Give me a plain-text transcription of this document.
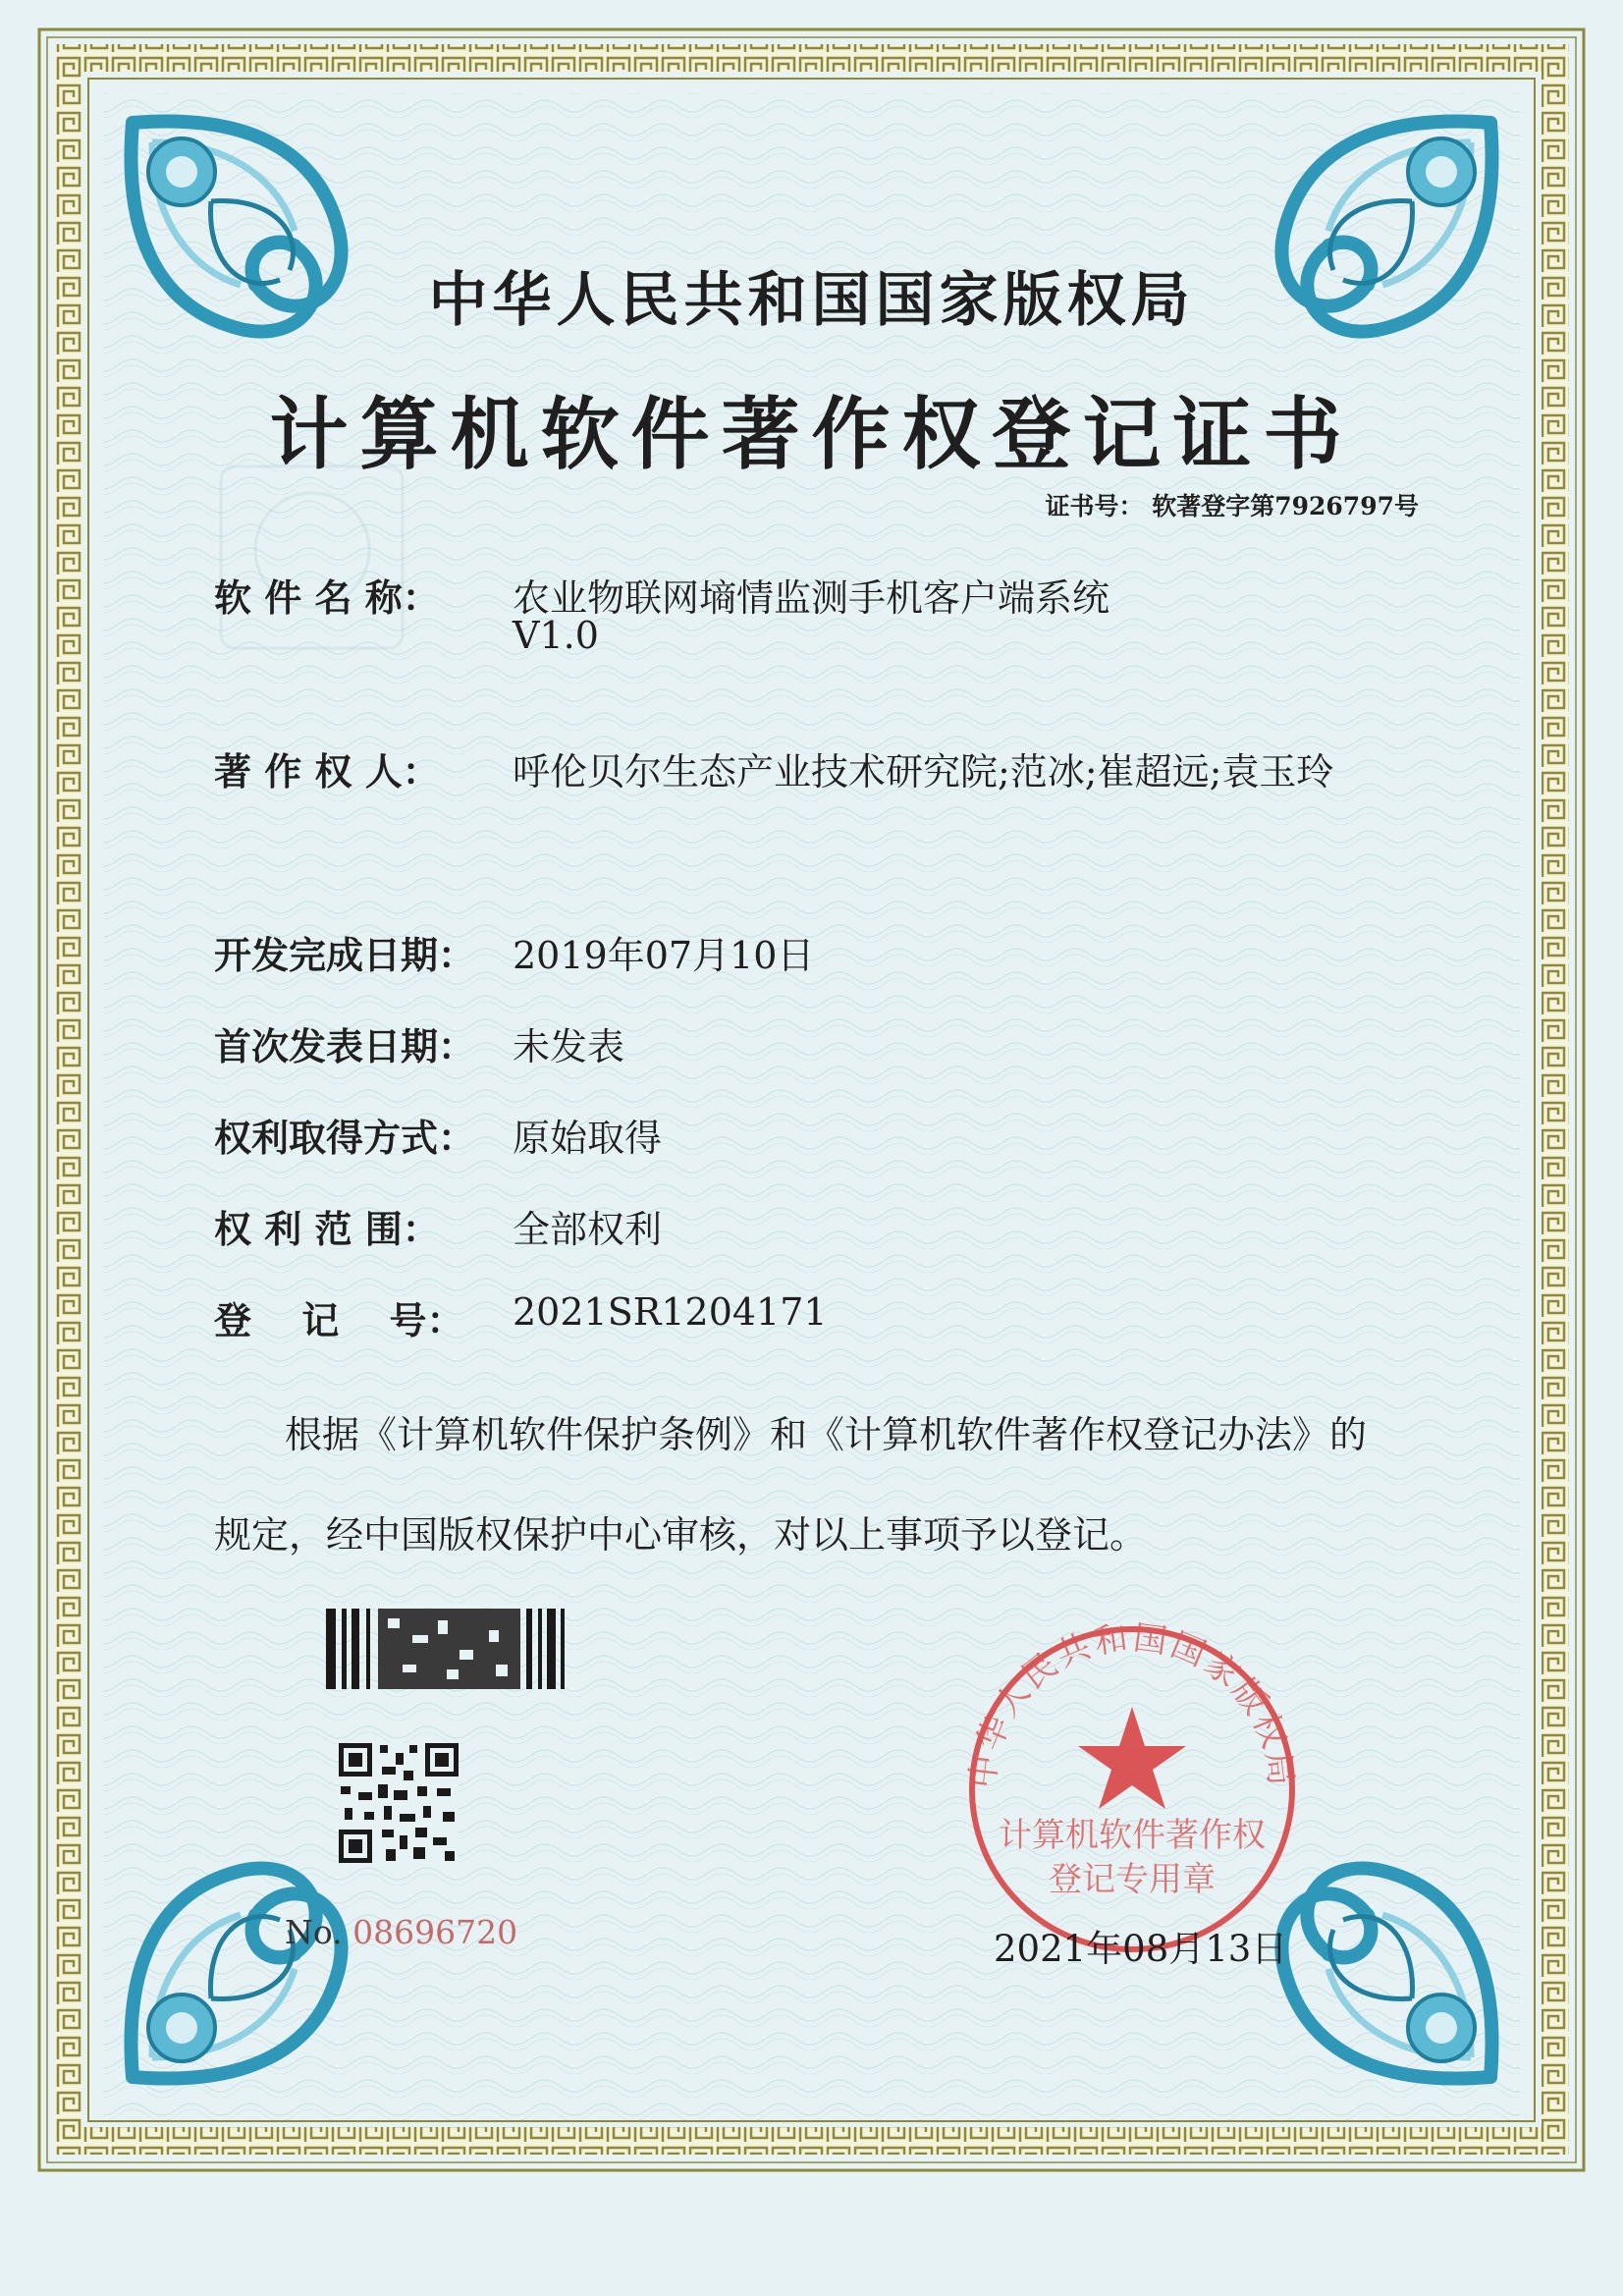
中华人民共和国国家版权局
计算机软件著作权
登记专用章
中华人民共和国国家版权局
计算机软件著作权登记证书
证书号： 软著登字第7926797号
软 件 名 称： 农业物联网墒情监测手机客户端系统
V1.0
著 作 权 人： 呼伦贝尔生态产业技术研究院;范冰;崔超远;袁玉玲
开发完成日期： 2019年07月10日
首次发表日期： 未发表
权利取得方式： 原始取得
权 利 范 围： 全部权利
登　 记　 号： 2021SR1204171
根据《计算机软件保护条例》和《计算机软件著作权登记办法》的
规定，经中国版权保护中心审核，对以上事项予以登记。
No. 08696720	2021年08月13日
